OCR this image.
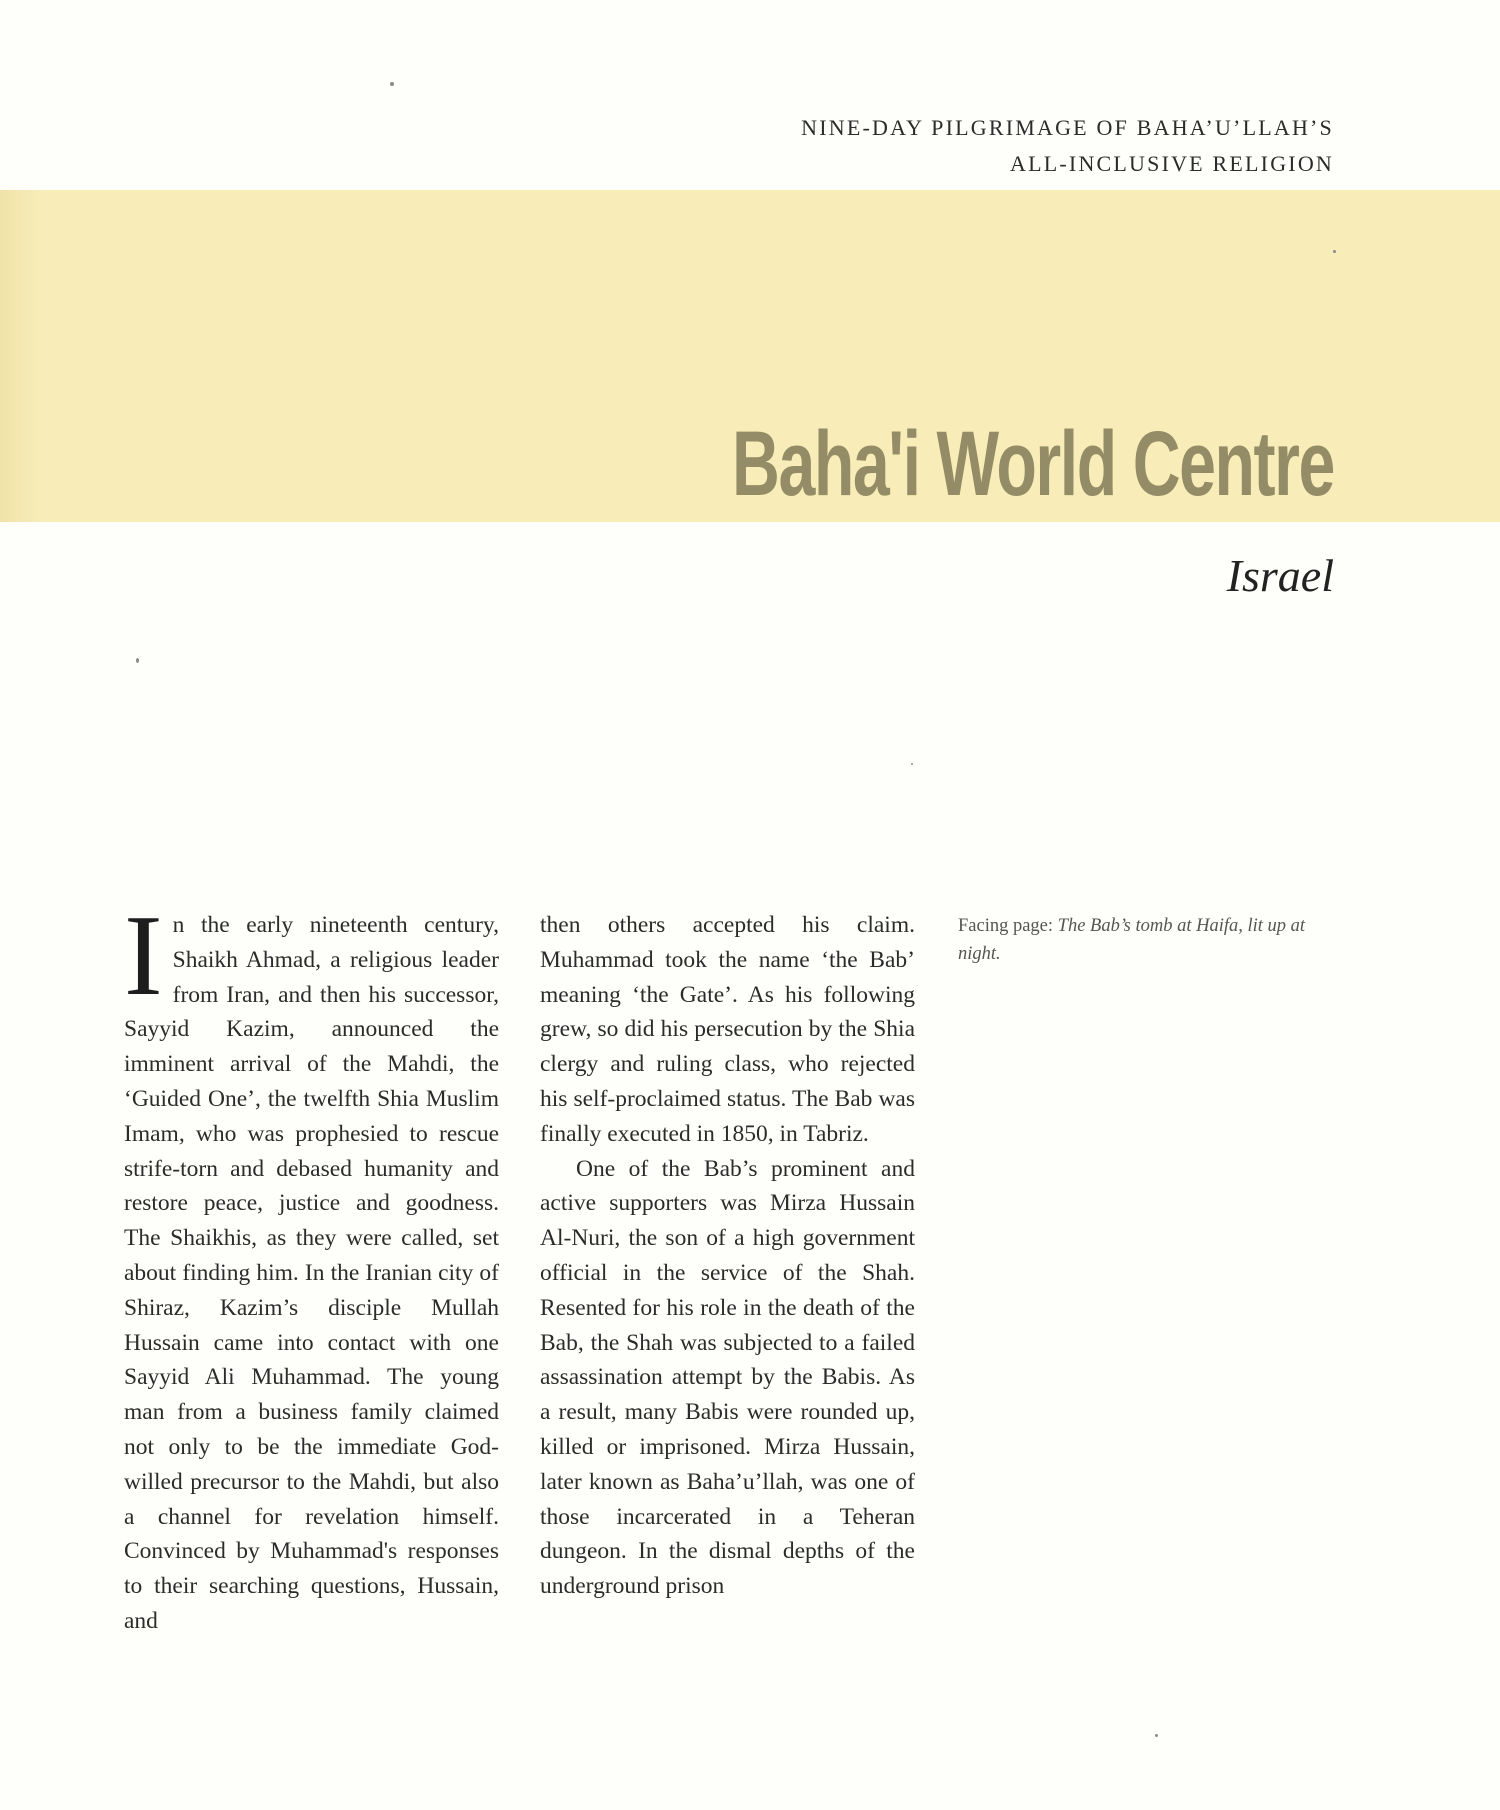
NINE-DAY PILGRIMAGE OF BAHA’U’LLAH’S
ALL-INCLUSIVE RELIGION
Baha'i World Centre
Israel

In the early nineteenth century, Shaikh Ahmad, a religious leader from Iran, and then his successor, Sayyid Kazim, announced the imminent arrival of the Mahdi, the ‘Guided One’, the twelfth Shia Muslim Imam, who was prophesied to rescue strife-torn and debased humanity and restore peace, justice and goodness. The Shaikhis, as they were called, set about finding him. In the Iranian city of Shiraz, Kazim’s disciple Mullah Hussain came into contact with one Sayyid Ali Muhammad. The young man from a business family claimed not only to be the immediate God-willed precursor to the Mahdi, but also a channel for revelation himself. Convinced by Muhammad's responses to their searching questions, Hussain, and

then others accepted his claim. Muhammad took the name ‘the Bab’ meaning ‘the Gate’. As his following grew, so did his persecution by the Shia clergy and ruling class, who rejected his self-proclaimed status. The Bab was finally executed in 1850, in Tabriz.

One of the Bab’s prominent and active supporters was Mirza Hussain Al-Nuri, the son of a high government official in the service of the Shah. Resented for his role in the death of the Bab, the Shah was subjected to a failed assassination attempt by the Babis. As a result, many Babis were rounded up, killed or imprisoned. Mirza Hussain, later known as Baha’u’llah, was one of those incarcerated in a Teheran dungeon. In the dismal depths of the underground prison

Facing page: The Bab’s tomb at Haifa, lit up at night.
